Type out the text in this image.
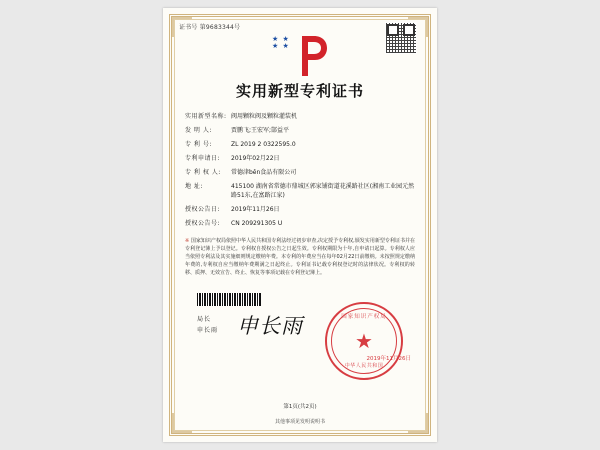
证书号 第9683344号
★ ★ ★ ★
实用新型专利证书
实用新型名称: 阀用颗粒阀及颗粒灌装机
发 明 人:	贾鹏飞;王宏军;郜益平
专 利 号:	ZL 2019 2 0322595.0
专利申请日:	2019年02月22日
专 利 权 人:	常德津běn食品有限公司
地 址:	415100 湖南省常德市鼎城区郭家铺街道花溪路社区(湘南工业园元然路51东,在富路江家)
授权公告日:	2019年11月26日
授权公告号:	CN 209291305 U
※ 国家知识产权局依照中华人民共和国专利法经过初步审查,决定授予专利权,颁发实用新型专利证书并在专利登记簿上予以登记。专利权自授权公告之日起生效。专利权期限为十年,自申请日起算。专利权人应当依照专利法及其实施细则规定缴纳年费。本专利的年费应当在每年02月22日前缴纳。未按照规定缴纳年费的,专利权自应当缴纳年费期满之日起终止。专利证书记载专利权登记时的法律状况。专利权的转移、质押、无效宣告、终止、恢复等事项记载在专利登记簿上。
局长
申长雨 申长雨	国家知识产权局
★
中华人民共和国
2019年11月26日
第1页(共2页)
其他事项见发明说明书
